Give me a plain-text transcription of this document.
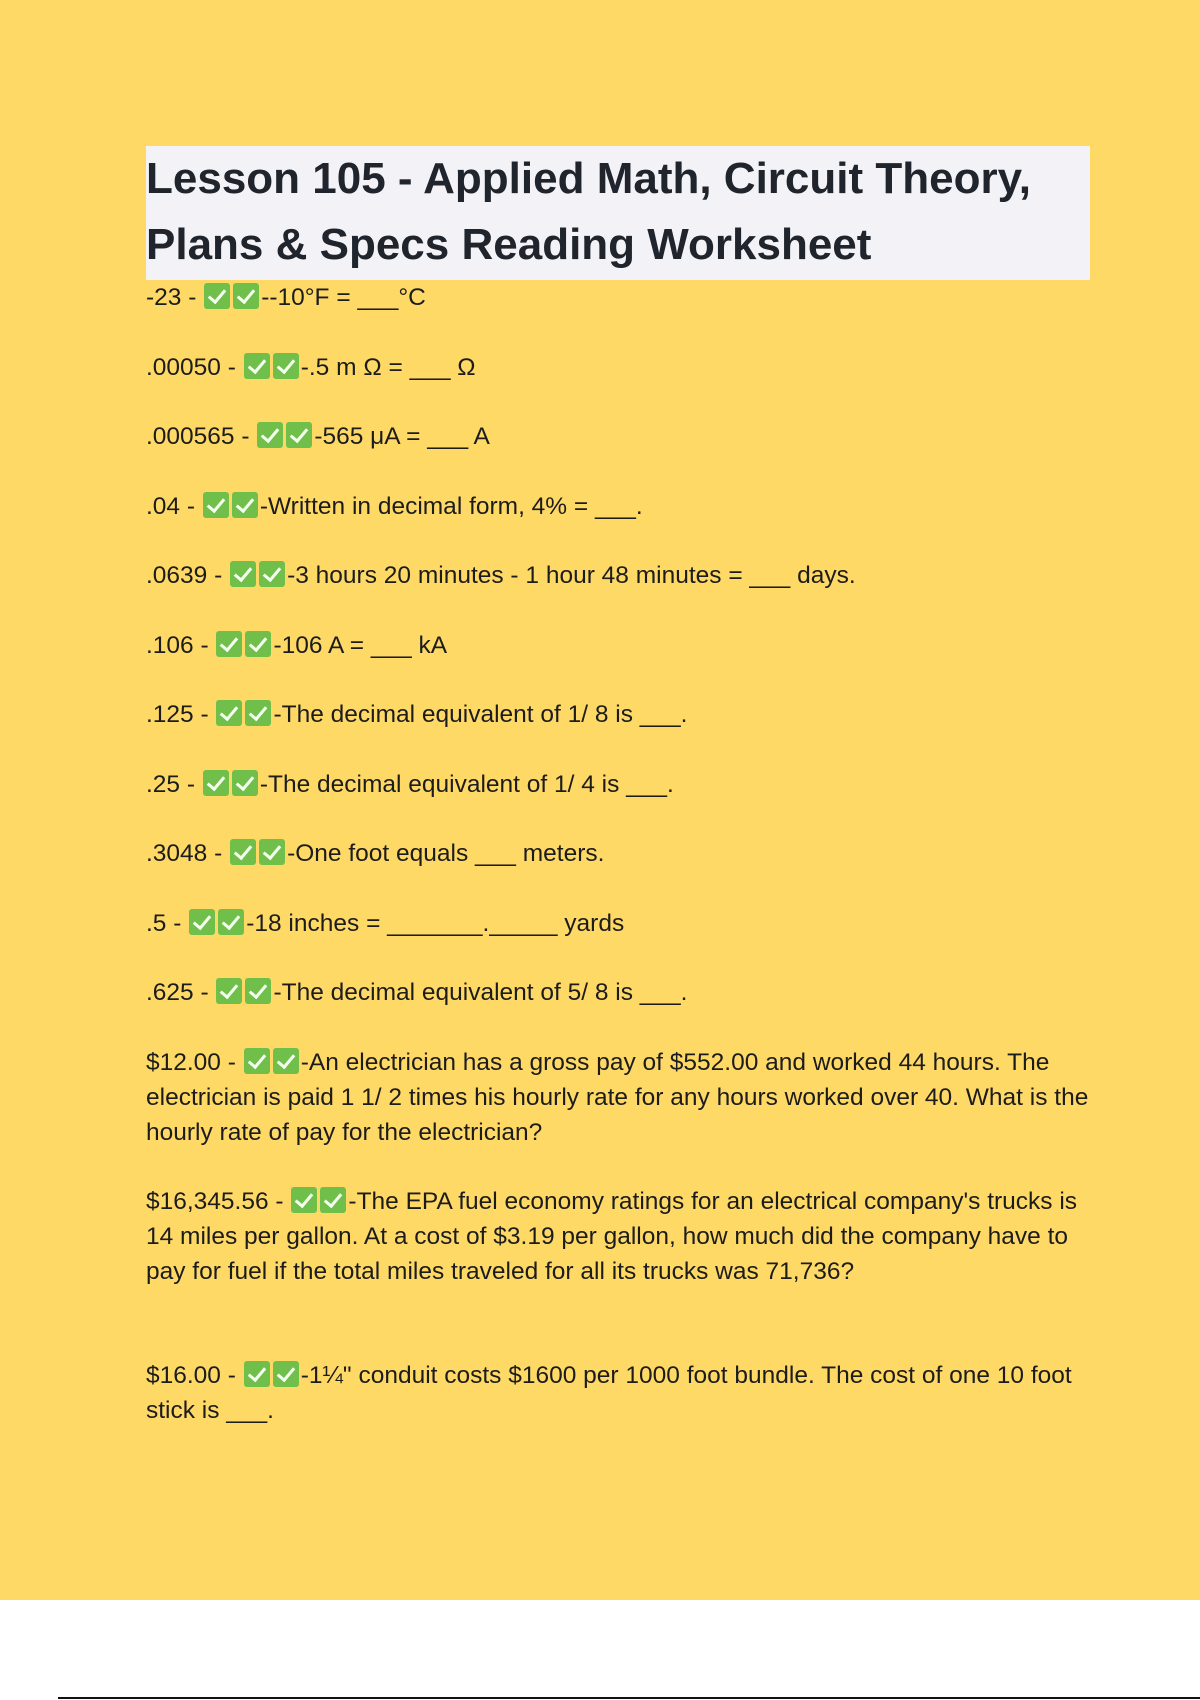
Lesson 105 - Applied Math, Circuit Theory, Plans & Specs Reading Worksheet
-23 - --10°F = ___°C
.00050 - -.5 m Ω = ___ Ω
.000565 - -565 μA = ___ A
.04 - -Written in decimal form, 4% = ___.
.0639 - -3 hours 20 minutes - 1 hour 48 minutes = ___ days.
.106 - -106 A = ___ kA
.125 - -The decimal equivalent of 1/ 8 is ___.
.25 - -The decimal equivalent of 1/ 4 is ___.
.3048 - -One foot equals ___ meters.
.5 - -18 inches = _______._____ yards
.625 - -The decimal equivalent of 5/ 8 is ___.
$12.00 - -An electrician has a gross pay of $552.00 and worked 44 hours. The electrician is paid 1 1/ 2 times his hourly rate for any hours worked over 40. What is the hourly rate of pay for the electrician?
$16,345.56 - -The EPA fuel economy ratings for an electrical company's trucks is 14 miles per gallon. At a cost of $3.19 per gallon, how much did the company have to pay for fuel if the total miles traveled for all its trucks was 71,736?
$16.00 - -1¼" conduit costs $1600 per 1000 foot bundle. The cost of one 10 foot stick is ___.
